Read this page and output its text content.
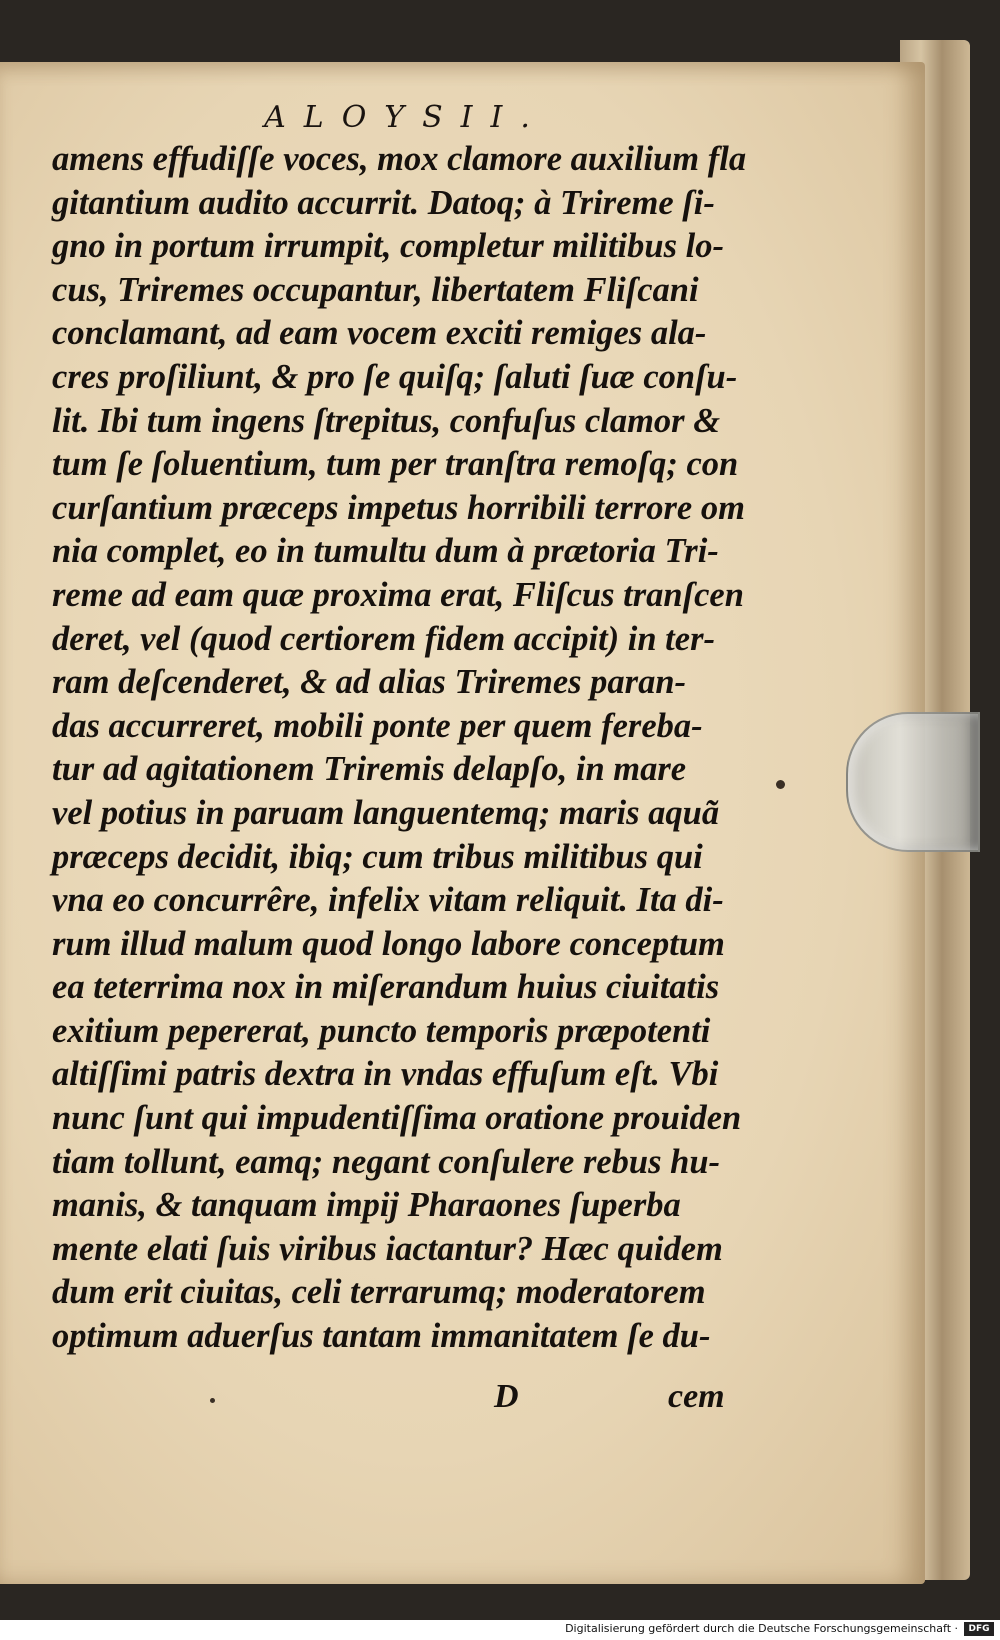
ALOYSII.
amens effudiſſe voces, mox clamore auxilium fla
gitantium audito accurrit. Datoq; à Trireme ſi-
gno in portum irrumpit, completur militibus lo-
cus, Triremes occupantur, libertatem Fliſcani
conclamant, ad eam vocem exciti remiges ala-
cres proſiliunt, & pro ſe quiſq; ſaluti ſuæ conſu-
lit. Ibi tum ingens ſtrepitus, confuſus clamor &
tum ſe ſoluentium, tum per tranſtra remoſq; con
curſantium præceps impetus horribili terrore om
nia complet, eo in tumultu dum à prætoria Tri-
reme ad eam quæ proxima erat, Fliſcus tranſcen
deret, vel (quod certiorem fidem accipit) in ter-
ram deſcenderet, & ad alias Triremes paran-
das accurreret, mobili ponte per quem fereba-
tur ad agitationem Triremis delapſo, in mare
vel potius in paruam languentemq; maris aquã
præceps decidit, ibiq; cum tribus militibus qui
vna eo concurrêre, infelix vitam reliquit. Ita di-
rum illud malum quod longo labore conceptum
ea teterrima nox in miſerandum huius ciuitatis
exitium pepererat, puncto temporis præpotenti
altiſſimi patris dextra in vndas effuſum eſt. Vbi
nunc ſunt qui impudentiſſima oratione prouiden
tiam tollunt, eamq; negant conſulere rebus hu-
manis, & tanquam impij Pharaones ſuperba
mente elati ſuis viribus iactantur? Hæc quidem
dum erit ciuitas, celi terrarumq; moderatorem
optimum aduerſus tantam immanitatem ſe du-
D	cem
Digitalisierung gefördert durch die Deutsche Forschungsgemeinschaft ·	DFG
